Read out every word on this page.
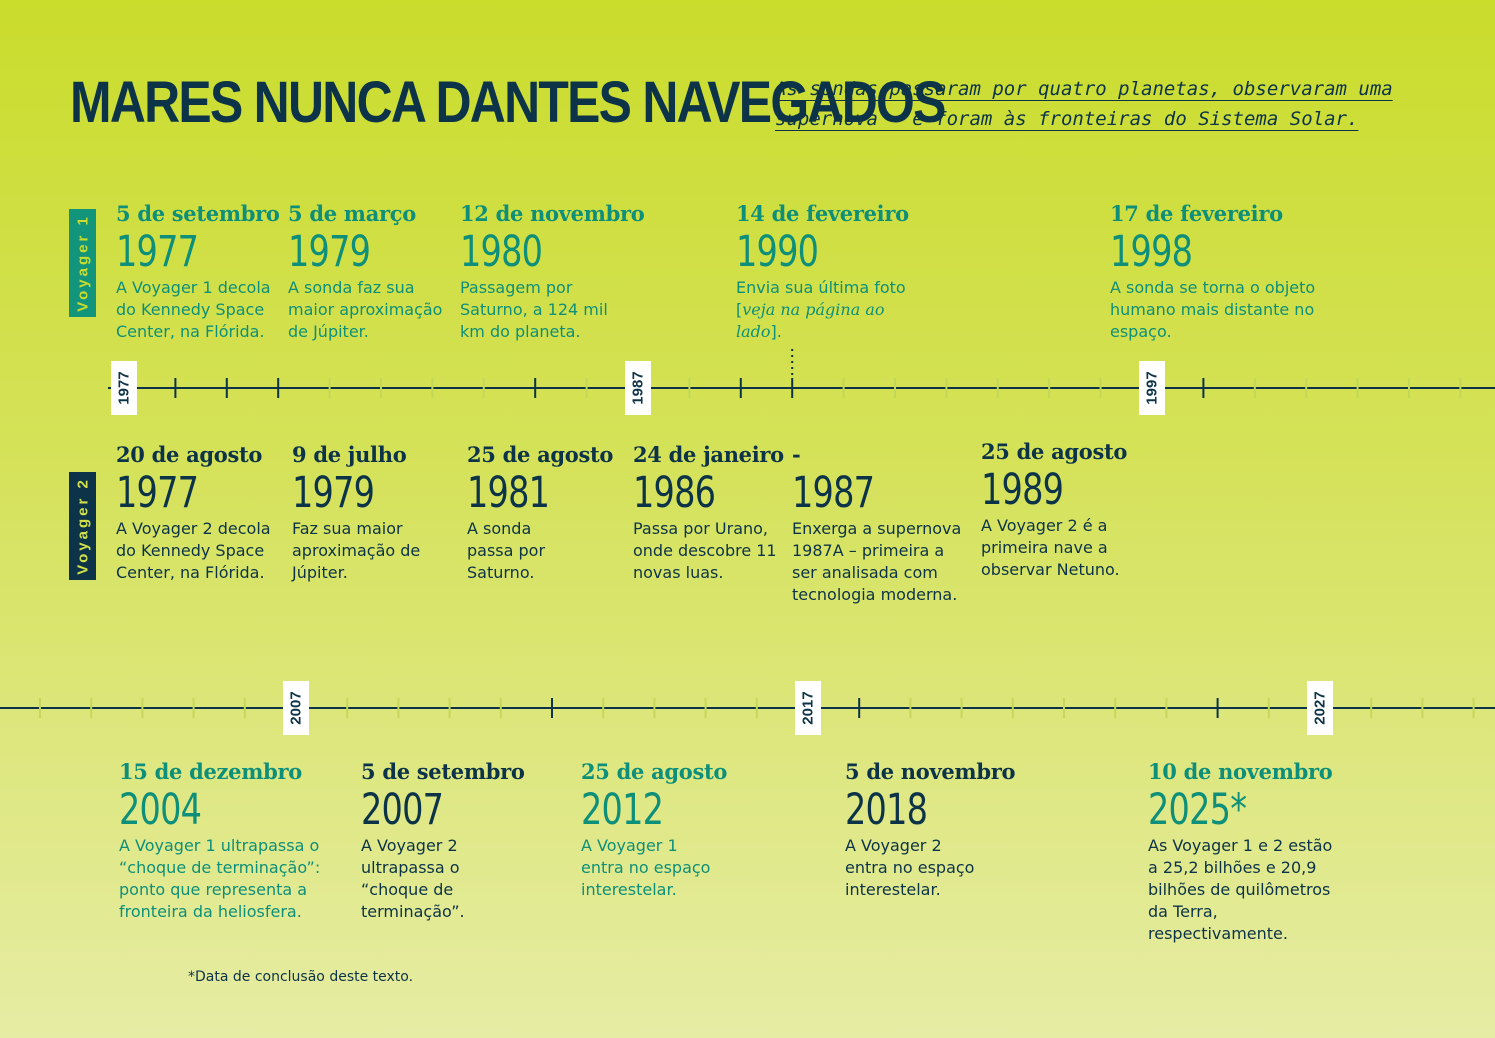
MARES NUNCA DANTES NAVEGADOS

As sondas passaram por quatro planetas, observaram uma supernova – e foram às fronteiras do Sistema Solar.

Voyager 1
Voyager 2
5 de setembro
1977
A Voyager 1 decola do Kennedy Space Center, na Flórida.
5 de março
1979
A sonda faz sua maior aproximação de Júpiter.
12 de novembro
1980
Passagem por Saturno, a 124 mil km do planeta.
14 de fevereiro
1990
Envia sua última foto [veja na página ao lado].
17 de fevereiro
1998
A sonda se torna o objeto humano mais distante no espaço.
20 de agosto
1977
A Voyager 2 decola do Kennedy Space Center, na Flórida.
9 de julho
1979
Faz sua maior aproximação de Júpiter.
25 de agosto
1981
A sonda passa por Saturno.
24 de janeiro
1986
Passa por Urano, onde descobre 11 novas luas.
-
1987
Enxerga a supernova 1987A – primeira a ser analisada com tecnologia moderna.
25 de agosto
1989
A Voyager 2 é a primeira nave a observar Netuno.
15 de dezembro
2004
A Voyager 1 ultrapassa o “choque de terminação”: ponto que representa a fronteira da heliosfera.
5 de setembro
2007
A Voyager 2 ultrapassa o “choque de terminação”.
25 de agosto
2012
A Voyager 1 entra no espaço interestelar.
5 de novembro
2018
A Voyager 2 entra no espaço interestelar.
10 de novembro
2025*
As Voyager 1 e 2 estão a 25,2 bilhões e 20,9 bilhões de quilômetros da Terra, respectivamente.
1977	1987	1997
2007	2017	2027

*Data de conclusão deste texto.
